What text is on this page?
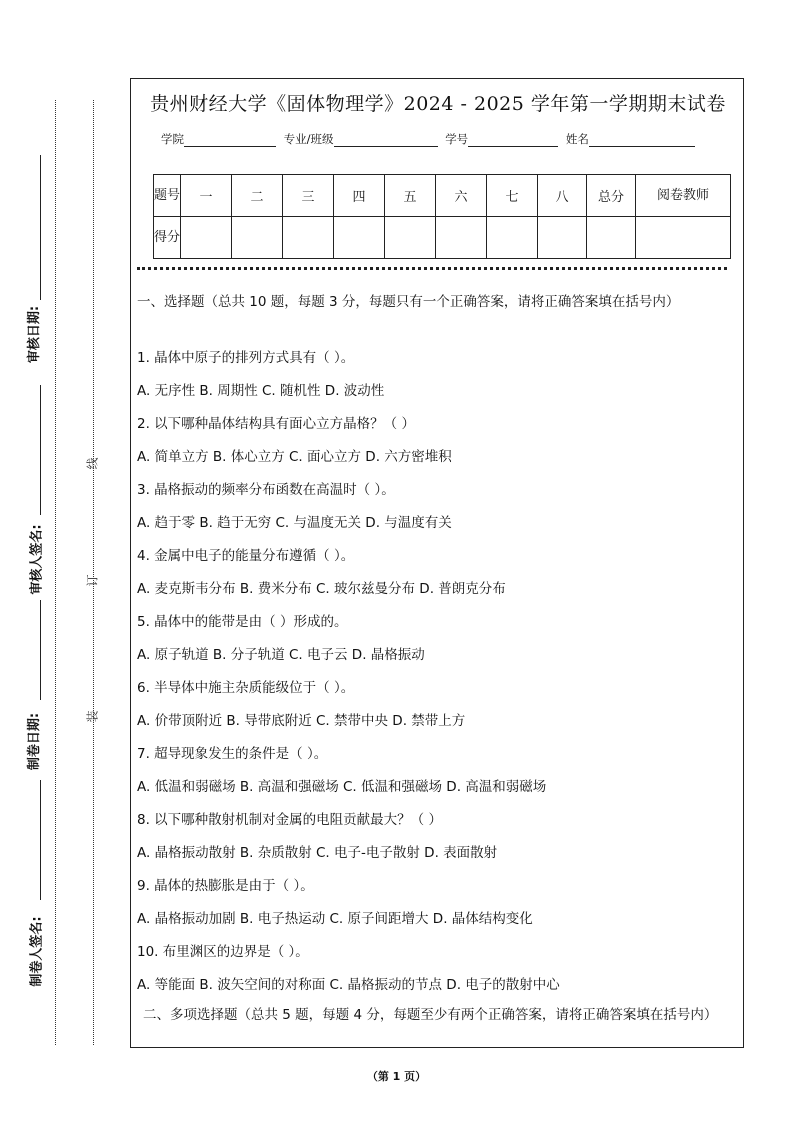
审核日期:
审核人签名:
制卷日期:
制卷人签名:
线
订
装
贵州财经大学《固体物理学》2024 - 2025 学年第一学期期末试卷
学院	专业/班级	学号	姓名
题号	一	二	三	四	五	六	七	八	总分	阅卷教师
得分										
一、选择题（总共 10 题，每题 3 分，每题只有一个正确答案，请将正确答案填在括号内）
1. 晶体中原子的排列方式具有（ ）。
A. 无序性 B. 周期性 C. 随机性 D. 波动性
2. 以下哪种晶体结构具有面心立方晶格？（ ）
A. 简单立方 B. 体心立方 C. 面心立方 D. 六方密堆积
3. 晶格振动的频率分布函数在高温时（ ）。
A. 趋于零 B. 趋于无穷 C. 与温度无关 D. 与温度有关
4. 金属中电子的能量分布遵循（ ）。
A. 麦克斯韦分布 B. 费米分布 C. 玻尔兹曼分布 D. 普朗克分布
5. 晶体中的能带是由（ ）形成的。
A. 原子轨道 B. 分子轨道 C. 电子云 D. 晶格振动
6. 半导体中施主杂质能级位于（ ）。
A. 价带顶附近 B. 导带底附近 C. 禁带中央 D. 禁带上方
7. 超导现象发生的条件是（ ）。
A. 低温和弱磁场 B. 高温和强磁场 C. 低温和强磁场 D. 高温和弱磁场
8. 以下哪种散射机制对金属的电阻贡献最大？（ ）
A. 晶格振动散射 B. 杂质散射 C. 电子-电子散射 D. 表面散射
9. 晶体的热膨胀是由于（ ）。
A. 晶格振动加剧 B. 电子热运动 C. 原子间距增大 D. 晶体结构变化
10. 布里渊区的边界是（ ）。
A. 等能面 B. 波矢空间的对称面 C. 晶格振动的节点 D. 电子的散射中心
二、多项选择题（总共 5 题，每题 4 分，每题至少有两个正确答案，请将正确答案填在括号内）
（第 1 页）
